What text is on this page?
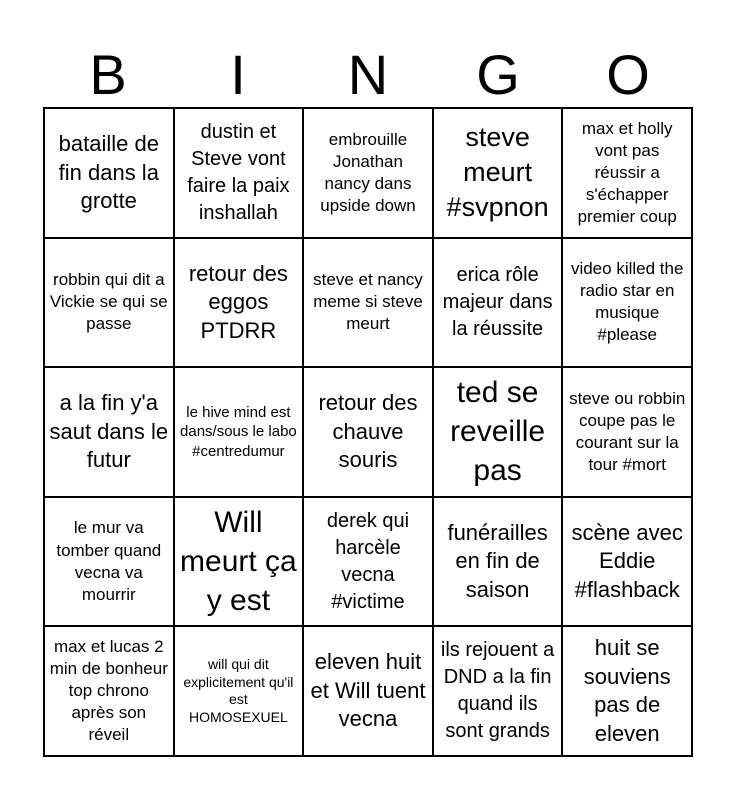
B	I	N	G	O
bataille de fin dans la grotte
dustin et Steve vont faire la paix inshallah
embrouille Jonathan nancy dans upside down
steve meurt #svpnon
max et holly vont pas réussir a s'échapper premier coup
robbin qui dit a Vickie se qui se passe
retour des eggos PTDRR
steve et nancy meme si steve meurt
erica rôle majeur dans la réussite
video killed the radio star en musique #please
a la fin y'a saut dans le futur
le hive mind est dans/sous le labo #centredumur
retour des chauve souris
ted se reveille pas
steve ou robbin coupe pas le courant sur la tour #mort
le mur va tomber quand vecna va mourrir
Will meurt ça y est
derek qui harcèle vecna #victime
funérailles en fin de saison
scène avec Eddie #flashback
max et lucas 2 min de bonheur top chrono après son réveil
will qui dit explicitement qu'il est HOMOSEXUEL
eleven huit et Will tuent vecna
ils rejouent a DND a la fin quand ils sont grands
huit se souviens pas de eleven
